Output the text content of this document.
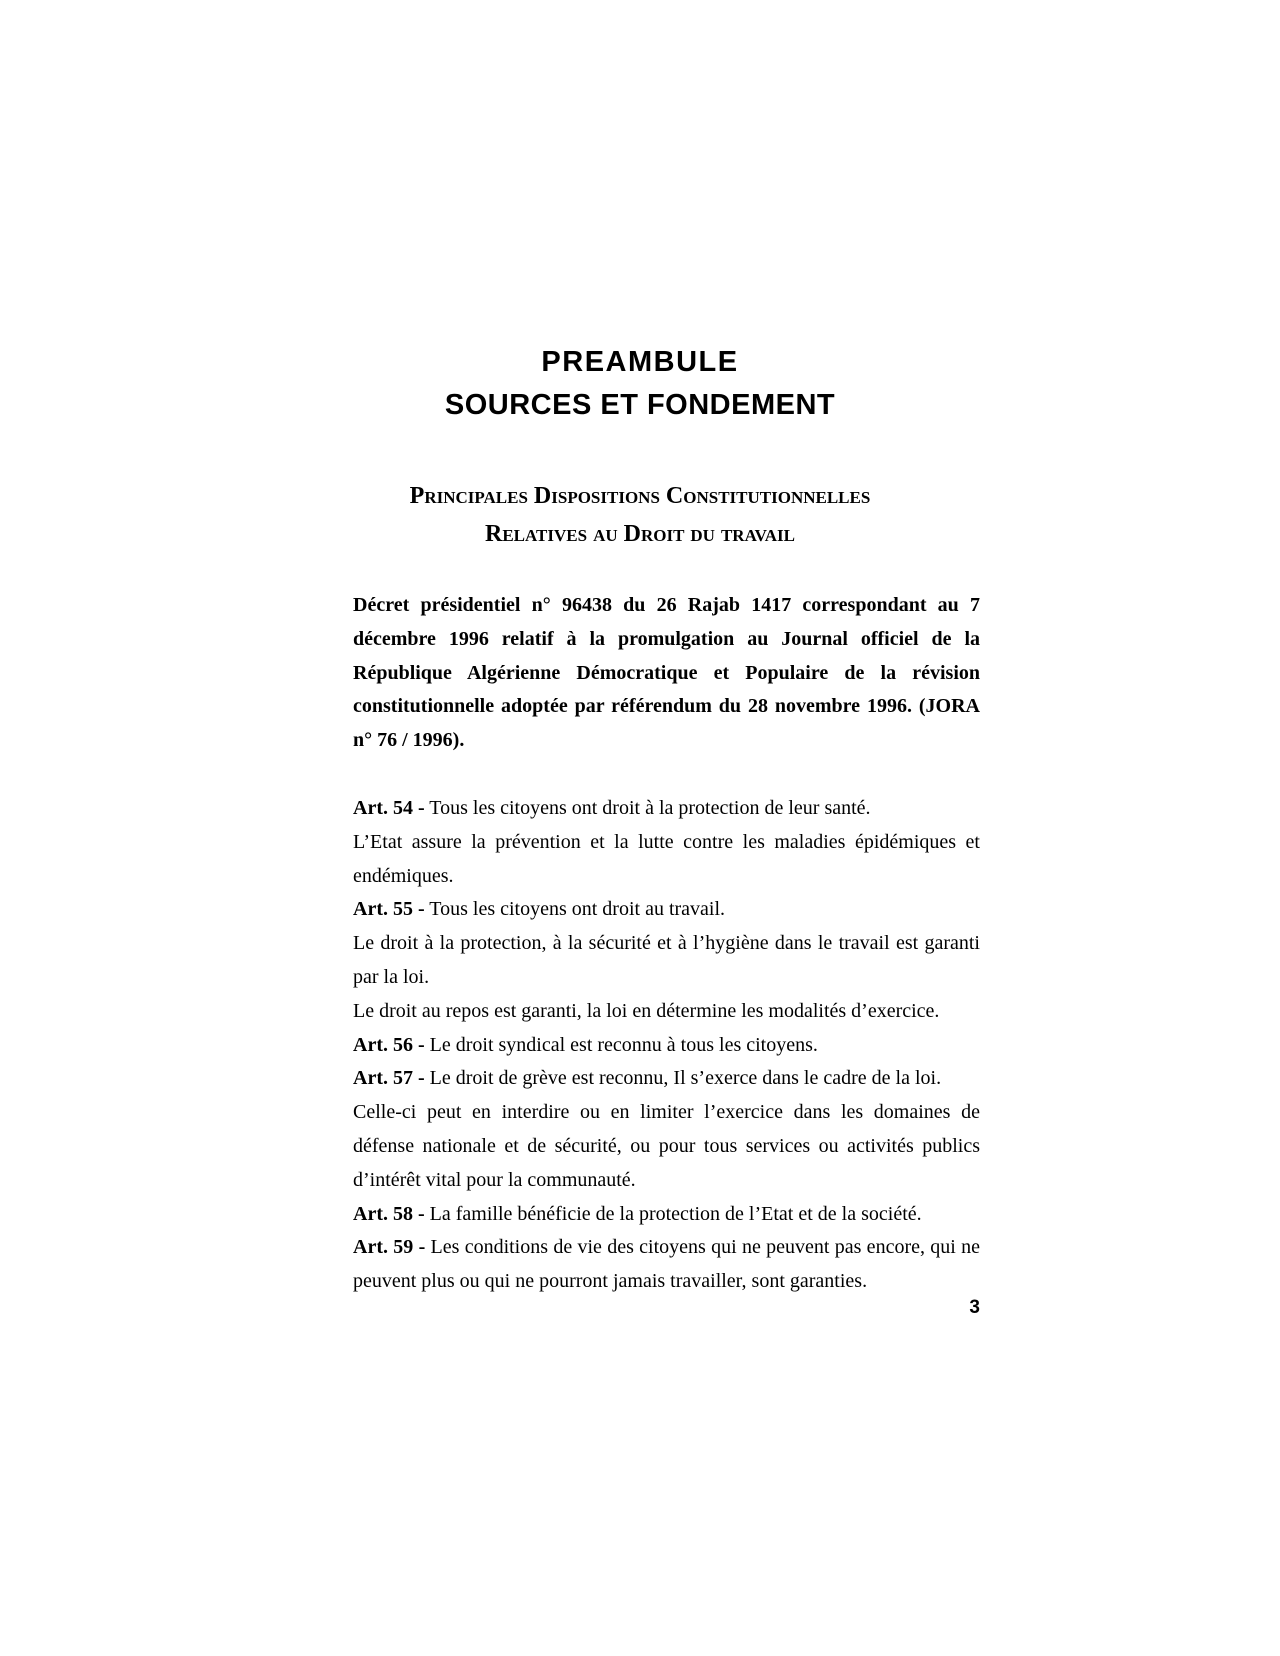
PREAMBULE
SOURCES ET FONDEMENT
Principales Dispositions Constitutionnelles
Relatives au Droit du travail

Décret présidentiel n° 96438 du 26 Rajab 1417 correspondant au 7 décembre 1996 relatif à la promulgation au Journal officiel de la République Algérienne Démocratique et Populaire de la révision constitutionnelle adoptée par référendum du 28 novembre 1996. (JORA n° 76 / 1996).

Art. 54 - Tous les citoyens ont droit à la protection de leur santé.

L’Etat assure la prévention et la lutte contre les maladies épidémiques et endémiques.

Art. 55 - Tous les citoyens ont droit au travail.

Le droit à la protection, à la sécurité et à l’hygiène dans le travail est garanti par la loi.

Le droit au repos est garanti, la loi en détermine les modalités d’exercice.

Art. 56 - Le droit syndical est reconnu à tous les citoyens.

Art. 57 - Le droit de grève est reconnu, Il s’exerce dans le cadre de la loi.

Celle-ci peut en interdire ou en limiter l’exercice dans les domaines de défense nationale et de sécurité, ou pour tous services ou activités publics d’intérêt vital pour la communauté.

Art. 58 - La famille bénéficie de la protection de l’Etat et de la société.

Art. 59 - Les conditions de vie des citoyens qui ne peuvent pas encore, qui ne peuvent plus ou qui ne pourront jamais travailler, sont garanties.

3
